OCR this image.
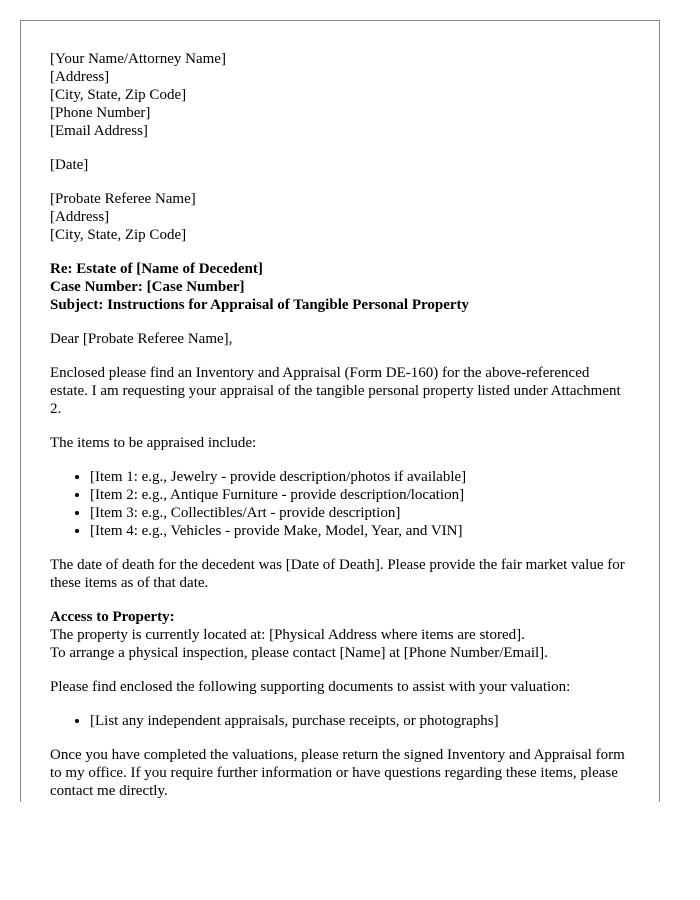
[Your Name/Attorney Name]
[Address]
[City, State, Zip Code]
[Phone Number]
[Email Address]
[Date]
[Probate Referee Name]
[Address]
[City, State, Zip Code]
Re: Estate of [Name of Decedent]
Case Number: [Case Number]
Subject: Instructions for Appraisal of Tangible Personal Property

Dear [Probate Referee Name],

Enclosed please find an Inventory and Appraisal (Form DE-160) for the above-referenced estate. I am requesting your appraisal of the tangible personal property listed under Attachment 2.

The items to be appraised include:

• [Item 1: e.g., Jewelry - provide description/photos if available]
• [Item 2: e.g., Antique Furniture - provide description/location]
• [Item 3: e.g., Collectibles/Art - provide description]
• [Item 4: e.g., Vehicles - provide Make, Model, Year, and VIN]

The date of death for the decedent was [Date of Death]. Please provide the fair market value for these items as of that date.

Access to Property:
The property is currently located at: [Physical Address where items are stored].
To arrange a physical inspection, please contact [Name] at [Phone Number/Email].

Please find enclosed the following supporting documents to assist with your valuation:

• [List any independent appraisals, purchase receipts, or photographs]

Once you have completed the valuations, please return the signed Inventory and Appraisal form to my office. If you require further information or have questions regarding these items, please contact me directly.
